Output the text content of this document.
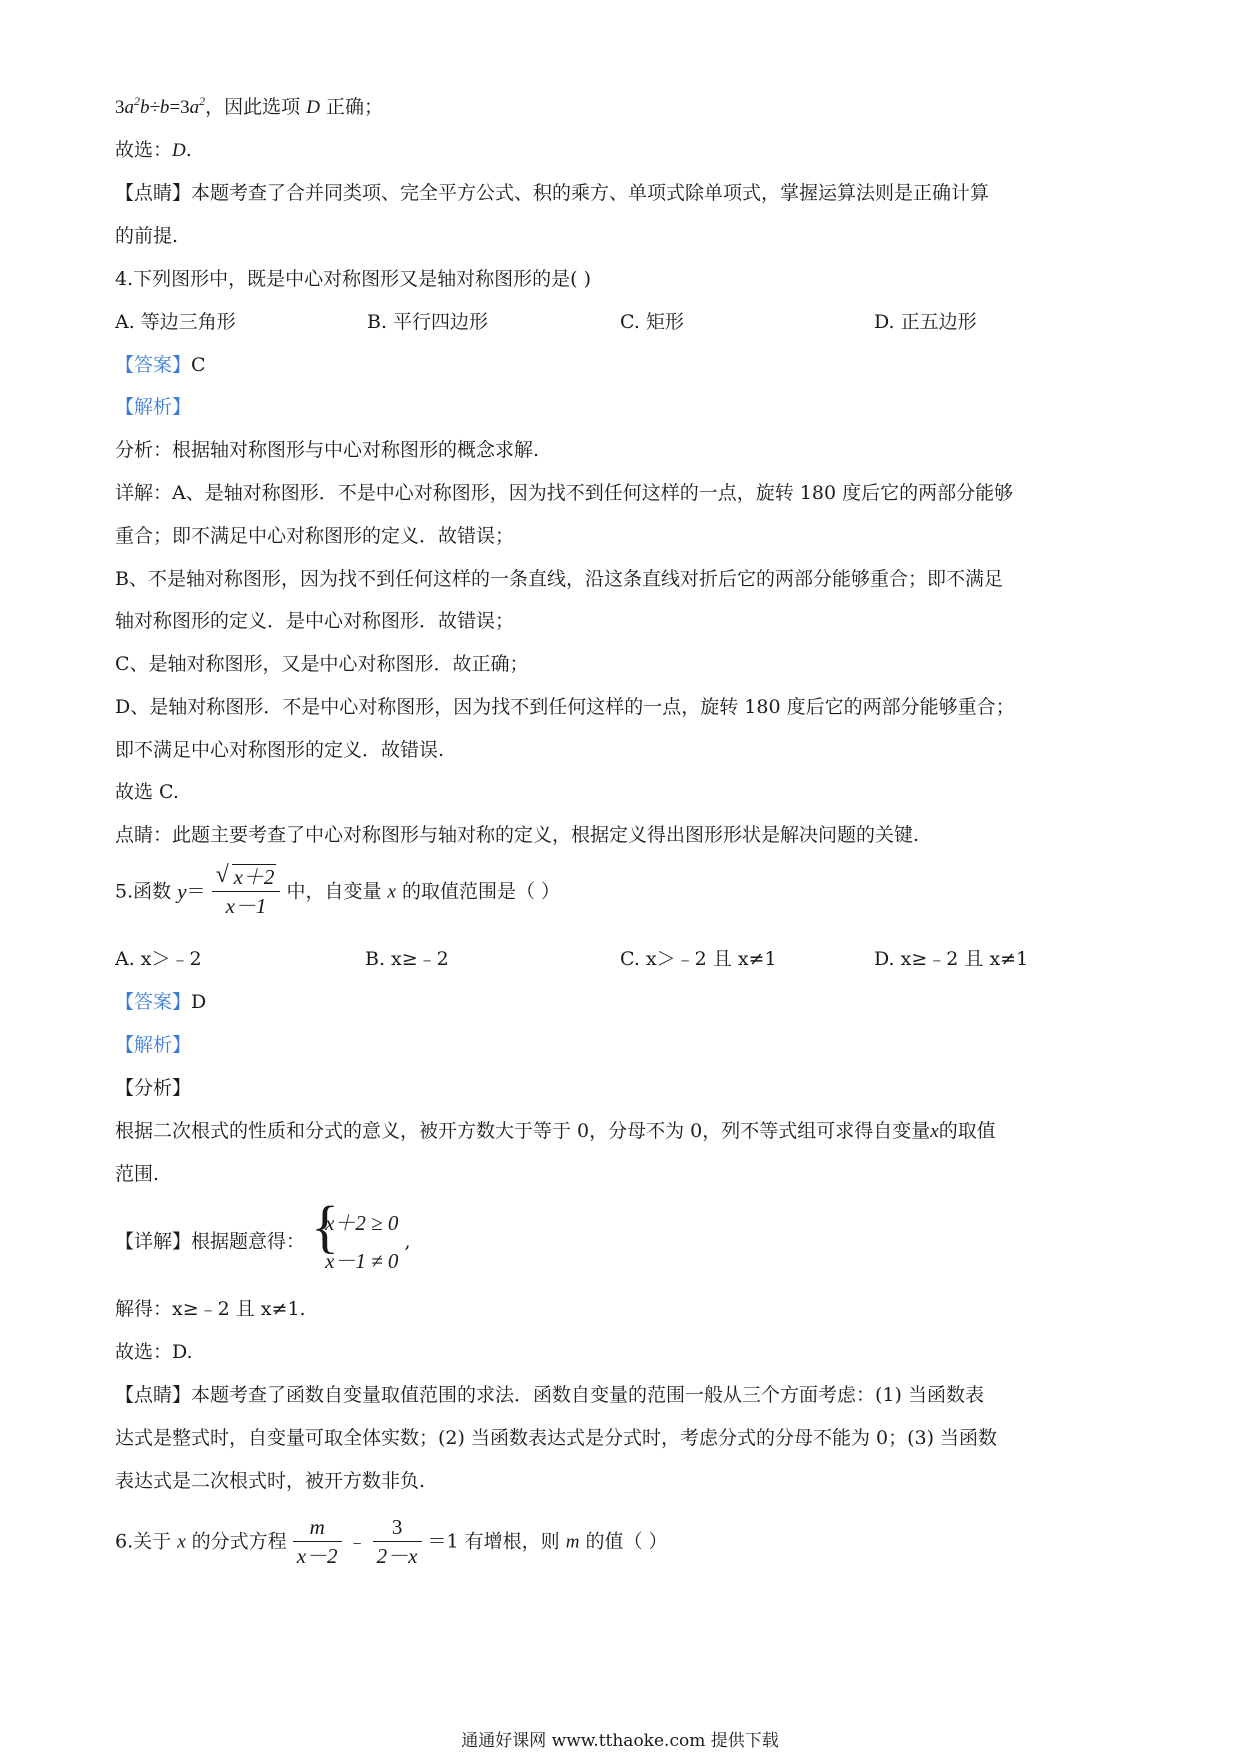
$3a^2b\div b=3a^2$，因此选项 D 正确；
故选：D.
【点睛】本题考查了合并同类项、完全平方公式、积的乘方、单项式除单项式，掌握运算法则是正确计算
的前提.
4.下列图形中，既是中心对称图形又是轴对称图形的是( )
A. 等边三角形	B. 平行四边形	C. 矩形	D. 正五边形
【答案】C
【解析】
分析：根据轴对称图形与中心对称图形的概念求解.
详解：A、是轴对称图形．不是中心对称图形，因为找不到任何这样的一点，旋转 180 度后它的两部分能够
重合；即不满足中心对称图形的定义．故错误；
B、不是轴对称图形，因为找不到任何这样的一条直线，沿这条直线对折后它的两部分能够重合；即不满足
轴对称图形的定义．是中心对称图形．故错误；
C、是轴对称图形，又是中心对称图形．故正确；
D、是轴对称图形．不是中心对称图形，因为找不到任何这样的一点，旋转 180 度后它的两部分能够重合；
即不满足中心对称图形的定义．故错误.
故选 C.
点睛：此题主要考查了中心对称图形与轴对称的定义，根据定义得出图形形状是解决问题的关键.
5.函数 $y= \frac{√ x+2}{x-1}$ 中，自变量 x 的取值范围是（ ）
A. x＞﹣2	B. x≥﹣2	C. x＞﹣2 且 x≠1	D. x≥﹣2 且 x≠1
【答案】D
【解析】
【分析】
根据二次根式的性质和分式的意义，被开方数大于等于 0，分母不为 0，列不等式组可求得自变量x的取值
范围.
【详解】根据题意得： {
x＋2 ≥ 0
x－1 ≠ 0
,
解得：x≥﹣2 且 x≠1.
故选：D.
【点睛】本题考查了函数自变量取值范围的求法．函数自变量的范围一般从三个方面考虑：(1) 当函数表
达式是整式时，自变量可取全体实数；(2) 当函数表达式是分式时，考虑分式的分母不能为 0；(3) 当函数
表达式是二次根式时，被开方数非负.
6.关于 x 的分式方程 $\frac{m}{x-2}$ ﹣ $\frac{3}{2-x} =1$ 有增根，则 m 的值（ ）
通通好课网 www.tthaoke.com 提供下载
